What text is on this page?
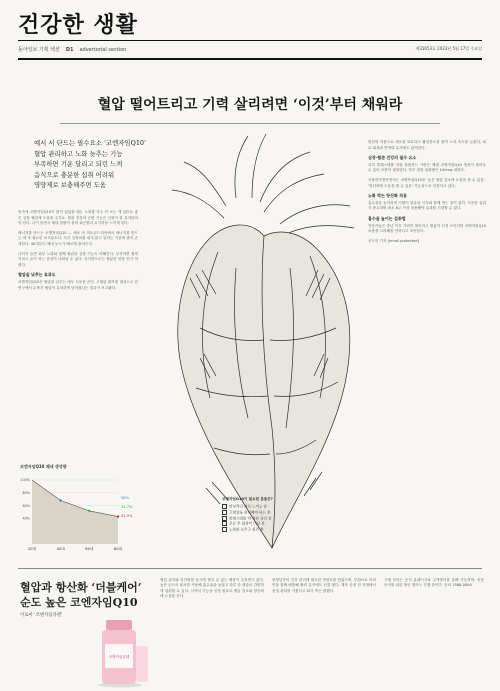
건강한 생활
동아일보 기획 섹션 D1 advertorial section	제31653호 2023년 5월 17일 수요일
혈압 떨어트리고 기력 살리려면 ‘이것’부터 채워라
예서 서 단드는 필수요소 ‘코엔자임Q10’
혈압 관리하고 노화 늦추는 기능
부족하면 기운 달리고 되린 느껴
음식으로 충분한 섭취 어려워
영양제로 보충해주면 도움

몸속에 코엔자임Q10이 많이 있었을 때는 노화를 자주 안 보는 게 있어요 좋은 심장 혈압에 도움을 주지요. 혈관 건강과 순환 기능은 심장이 잘 유지되어야 한다. 나이 들면서 체내 함량이 줄어 피곤함과 무기력을 느끼게 된다.

에너지를 만드는 코엔자임Q10 — 세포 속 미토콘드리아에서 에너지를 만드는 데 꼭 필요한 보조효소다. 특히 심장처럼 쉬지 않고 일하는 기관에 많이 존재한다. 40대부터 체내 농도가 빠르게 줄어든다.

나이가 들면 피부 노화와 함께 혈관과 심장 기능도 약해진다. 부족하면 쉽게 지치고 숨이 차는 증상이 나타날 수 있다. 음식만으로는 충분한 양을 얻기 어렵다.

혈압을 낮추는 효과도

코엔자임Q10은 혈압을 낮추는 데도 도움을 준다. 고혈압 환자를 대상으로 한 연구에서 수축기 혈압이 유의하게 낮아졌다는 결과가 보고됐다.

항산화 작용으로 세포를 보호하고 활성산소를 줄여 노화 속도를 늦춘다. 피로 회복과 면역력 유지에도 관여한다.

심장·혈관 건강의 필수 요소

특히 콜레스테롤 약을 복용하는 사람은 체내 코엔자임Q10 생성이 줄어들 수 있어 보충이 권장된다. 하루 권장 섭취량은 100mg 내외다.

식품의약품안전처는 코엔자임Q10을 ‘높은 혈압 감소에 도움을 줄 수 있음’, ‘항산화에 도움을 줄 수 있음’ 기능성으로 인정하고 있다.

노화 막는 항산화 작용

흡수율을 높이려면 지방이 함유된 식사와 함께 먹는 것이 좋다. 꾸준한 섭취가 중요하며 최소 8주 이상 복용해야 효과를 기대할 수 있다.

흡수율 높이는 섭취법

전문가들은 중년 이후 기력이 떨어지고 혈압이 신경 쓰인다면 코엔자임Q10 보충을 고려해볼 만하다고 조언한다.

신도언 기자 [email protected]

코엔자임Q10 체내 생성량
100%
80%
60%
40%
58%
51.7%
42.9%
20대	40대	60대	80대
코엔자임Q10이 필요한 분들은?
만성적인 피로 느끼는 분
고혈압을 관리해야 하는 분
콜레스테롤 약 복용 중인 분
운동 후 회복이 더딘 분
노화를 늦추고 싶은 분
혈압과 항산화 ‘더블케어’
순도 높은 코엔자임Q10
이로마 ‘코엔자임큐텐’
코엔자임큐텐

혈압 관리와 항산화를 동시에 챙길 수 있는 제품이 주목받고 있다. 높은 순도의 원료를 사용해 흡수율을 높였고 하루 한 캡슐로 간편하게 섭취할 수 있다. 식약처 기능성 인정 원료로 혈압 감소와 항산화에 도움을 준다.

중장년층의 건강 관리에 필요한 영양소를 담았으며, 부원료로 비타민을 함께 배합해 활력 유지에도 신경 썼다. 제조 공정 전 과정에서 품질 관리를 거쳤다고 회사 측은 밝혔다.

구매 문의는 공식 홈페이지와 고객센터를 통해 가능하며, 신문 독자를 위한 할인 행사도 진행 중이다. 문의 1588-0000
